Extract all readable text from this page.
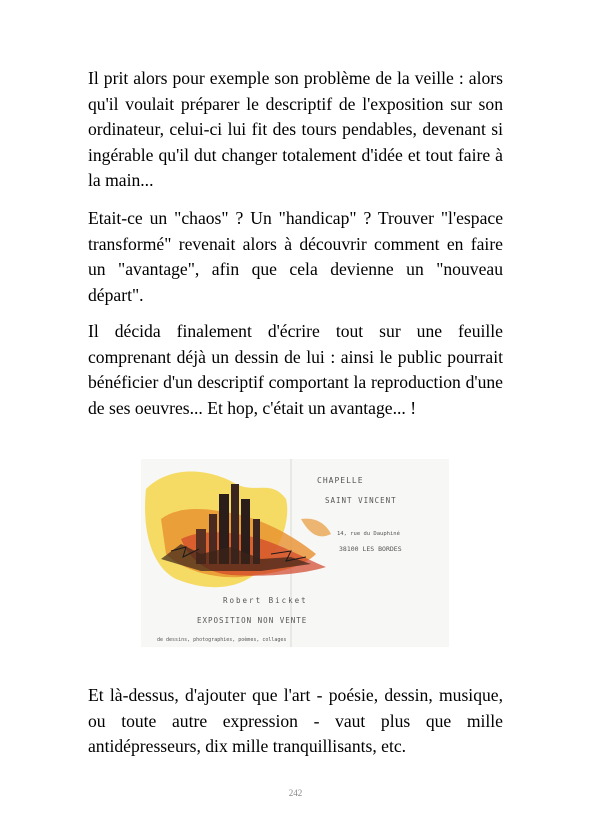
Il prit alors pour exemple son problème de la veille : alors qu'il voulait préparer le descriptif de l'exposition sur son ordinateur, celui-ci lui fit des tours pendables, devenant si ingérable qu'il dut changer totalement d'idée et tout faire à la main...

Etait-ce un "chaos" ? Un "handicap" ? Trouver "l'espace transformé" revenait alors à découvrir comment en faire un "avantage", afin que cela devienne un "nouveau départ".

Il décida finalement d'écrire tout sur une feuille comprenant déjà un dessin de lui : ainsi le public pourrait bénéficier d'un descriptif comportant la reproduction d'une de ses oeuvres... Et hop, c'était un avantage... !

CHAPELLE
SAINT VINCENT
14, rue du Dauphiné
38100 LES BORDES
Robert Bicket
EXPOSITION NON VENTE
de dessins, photographies, poèmes, collages

Et là-dessus, d'ajouter que l'art - poésie, dessin, musique, ou toute autre expression - vaut plus que mille antidépresseurs, dix mille tranquillisants, etc.

242
